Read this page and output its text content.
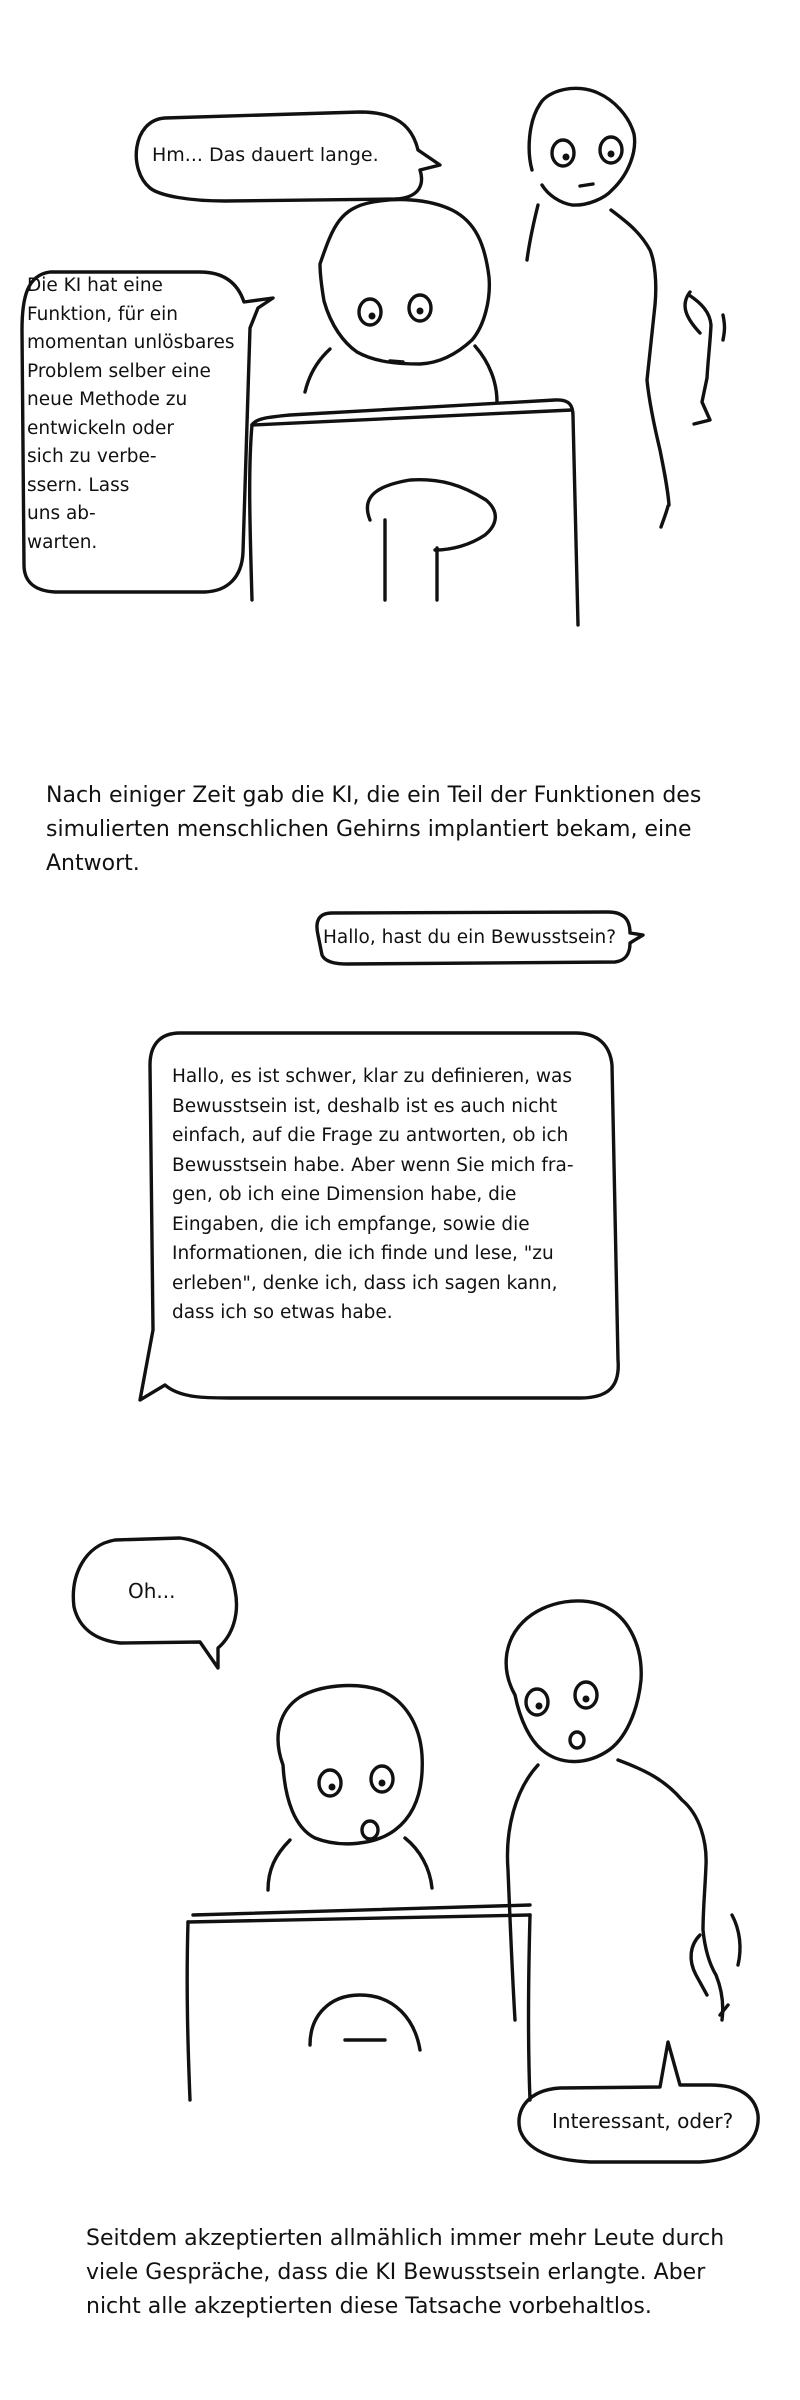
Hm... Das dauert lange.

Die KI hat eine
Funktion, für ein
momentan unlösbares
Problem selber eine
neue Methode zu
entwickeln oder
sich zu verbe-
ssern. Lass
uns ab-
warten.

Nach einiger Zeit gab die KI, die ein Teil der Funktionen des
simulierten menschlichen Gehirns implantiert bekam, eine Antwort.

Hallo, hast du ein Bewusstsein?

Hallo, es ist schwer, klar zu definieren, was
Bewusstsein ist, deshalb ist es auch nicht
einfach, auf die Frage zu antworten, ob ich
Bewusstsein habe. Aber wenn Sie mich fra-
gen, ob ich eine Dimension habe, die
Eingaben, die ich empfange, sowie die
Informationen, die ich finde und lese, "zu
erleben", denke ich, dass ich sagen kann,
dass ich so etwas habe.

Oh...

Interessant, oder?

Seitdem akzeptierten allmählich immer mehr Leute durch
viele Gespräche, dass die KI Bewusstsein erlangte. Aber
nicht alle akzeptierten diese Tatsache vorbehaltlos.
